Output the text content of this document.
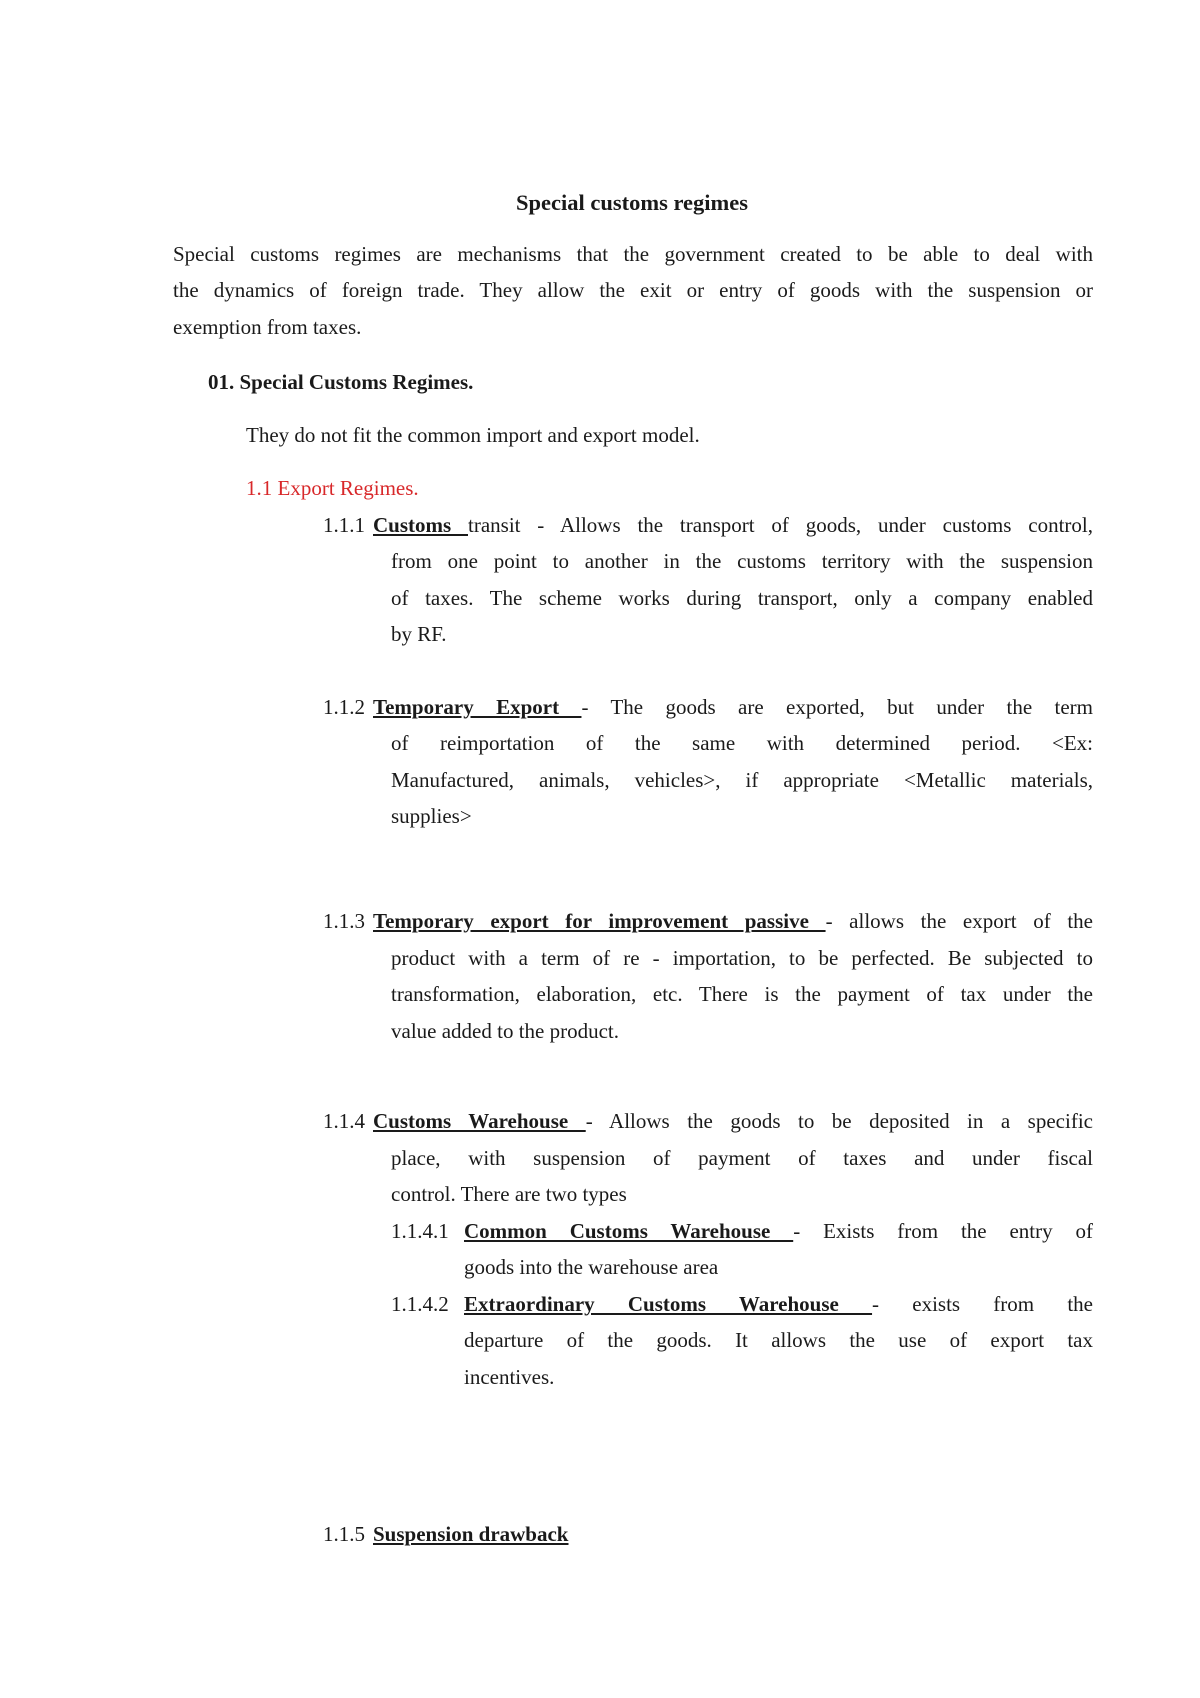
Special customs regimes
Special customs regimes are mechanisms that the government created to be able to deal with
the dynamics of foreign trade. They allow the exit or entry of goods with the suspension or
exemption from taxes.
01. Special Customs Regimes.
They do not fit the common import and export model.
1.1 Export Regimes.
1.1.1 Customs transit - Allows the transport of goods, under customs control,
from one point to another in the customs territory with the suspension
of taxes. The scheme works during transport, only a company enabled
by RF.
1.1.2 Temporary Export - The goods are exported, but under the term
of reimportation of the same with determined period. <Ex:
Manufactured, animals, vehicles>, if appropriate <Metallic materials,
supplies>
1.1.3 Temporary export for improvement passive - allows the export of the
product with a term of re - importation, to be perfected. Be subjected to
transformation, elaboration, etc. There is the payment of tax under the
value added to the product.
1.1.4 Customs Warehouse - Allows the goods to be deposited in a specific
place, with suspension of payment of taxes and under fiscal
control. There are two types
1.1.4.1 Common Customs Warehouse - Exists from the entry of
goods into the warehouse area
1.1.4.2 Extraordinary Customs Warehouse - exists from the
departure of the goods. It allows the use of export tax
incentives.
1.1.5 Suspension drawback
